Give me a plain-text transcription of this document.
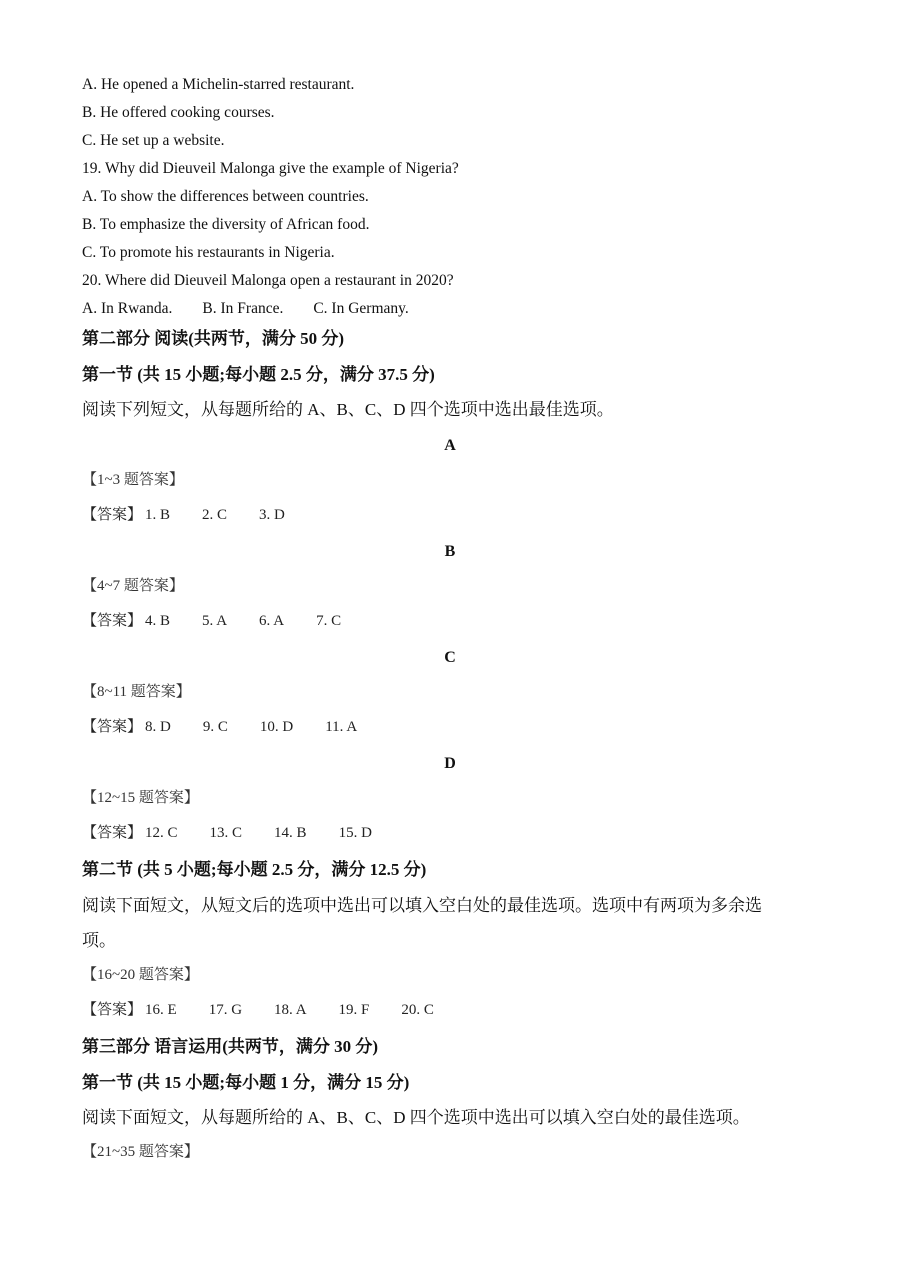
A. He opened a Michelin-starred restaurant.
B. He offered cooking courses.
C. He set up a website.
19. Why did Dieuveil Malonga give the example of Nigeria?
A. To show the differences between countries.
B. To emphasize the diversity of African food.
C. To promote his restaurants in Nigeria.
20. Where did Dieuveil Malonga open a restaurant in 2020?
A. In Rwanda. B. In France. C. In Germany.
第二部分 阅读(共两节，满分 50 分)
第一节 (共 15 小题;每小题 2.5 分，满分 37.5 分)
阅读下列短文，从每题所给的 A、B、C、D 四个选项中选出最佳选项。
A
【1~3 题答案】
【答案】 1. B 2. C 3. D
B
【4~7 题答案】
【答案】 4. B 5. A 6. A 7. C
C
【8~11 题答案】
【答案】 8. D 9. C 10. D 11. A
D
【12~15 题答案】
【答案】 12. C 13. C 14. B 15. D
第二节 (共 5 小题;每小题 2.5 分，满分 12.5 分)
阅读下面短文，从短文后的选项中选出可以填入空白处的最佳选项。选项中有两项为多余选
项。
【16~20 题答案】
【答案】 16. E 17. G 18. A 19. F 20. C
第三部分 语言运用(共两节，满分 30 分)
第一节 (共 15 小题;每小题 1 分，满分 15 分)
阅读下面短文，从每题所给的 A、B、C、D 四个选项中选出可以填入空白处的最佳选项。
【21~35 题答案】
